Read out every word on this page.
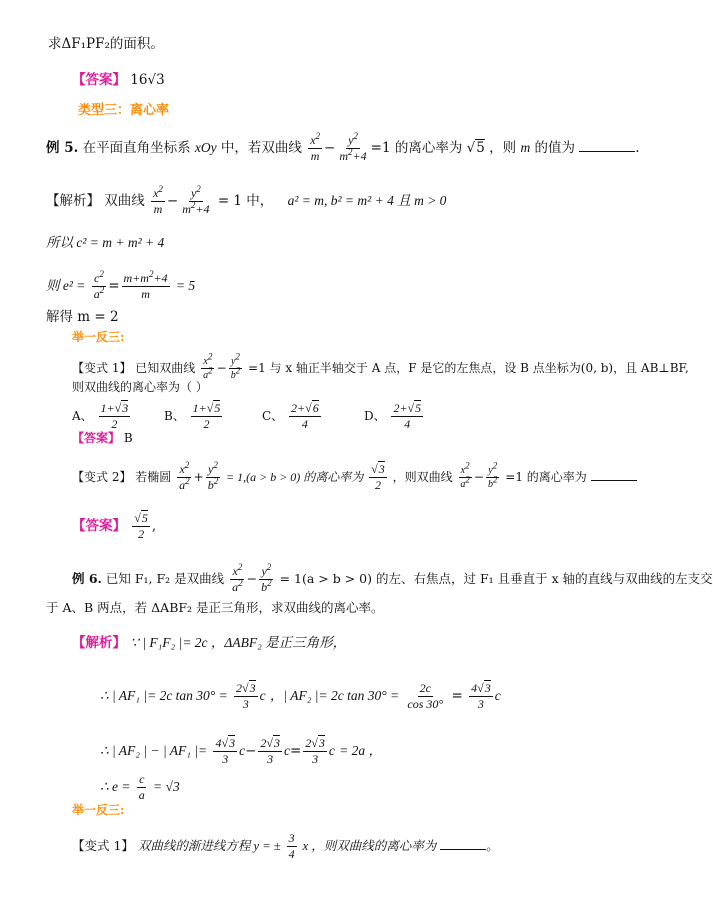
求ΔF₁PF₂的面积。
【答案】 16√3
类型三：离心率
例 5. 在平面直角坐标系 xOy 中，若双曲线 $\frac{x^2}{m} - \frac{y^2}{m^2+4} =1$ 的离心率为 √5 ，则 m 的值为	.
【解析】 双曲线 $\frac{x^2}{m} - \frac{y^2}{m^2+4} = 1$ 中， a² = m, b² = m² + 4 且 m > 0
所以 c² = m + m² + 4
则 $e^2 = \frac{c^2}{a^2} = \frac{m+m^2+4}{m} = 5$
解得 m = 2
举一反三:
【变式 1】 已知双曲线 $\frac{x^2}{a^2} - \frac{y^2}{b^2} =1$ 与 x 轴正半轴交于 A 点，F 是它的左焦点，设 B 点坐标为(0, b)，且 AB⊥BF,
则双曲线的离心率为（ ）
A、 $\frac{1+√3}{2}$	B、 $\frac{1+√5}{2}$	C、 $\frac{2+√6}{4}$	D、 $\frac{2+√5}{4}$
【答案】 B
【变式 2】 若椭圆 $\frac{x^2}{a^2} + \frac{y^2}{b^2} = 1,(a > b > 0)$ 的离心率为 $\frac{√3}{2}$ ，则双曲线 $\frac{x^2}{a^2} - \frac{y^2}{b^2} =1$ 的离心率为
【答案】 $\frac{√5}{2}$ ,
例 6. 已知 F₁, F₂ 是双曲线 $\frac{x^2}{a^2} - \frac{y^2}{b^2} = 1(a > b > 0)$ 的左、右焦点，过 F₁ 且垂直于 x 轴的直线与双曲线的左支交
于 A、B 两点，若 ΔABF₂ 是正三角形，求双曲线的离心率。
【解析】 ∵ | F₁F₂ |= 2c ，ΔABF₂ 是正三角形，
∴ | AF₁ |= 2c $\tan 30^\circ = \frac{2√3}{3}$ c ，| AF₂ |= 2c $\tan 30^\circ = \frac{2c}{\cos 30^\circ} = \frac{4√3}{3}$ c
∴ | AF₂ | − | AF₁ |= $\frac{4√3}{3} c- \frac{2√3}{3} c= \frac{2√3}{3}$ c = 2a ，
∴ $e = \frac{c}{a} = √3$
举一反三:
【变式 1】 双曲线的渐进线方程 y = ± $\frac{3}{4}$ x ，则双曲线的离心率为	。
